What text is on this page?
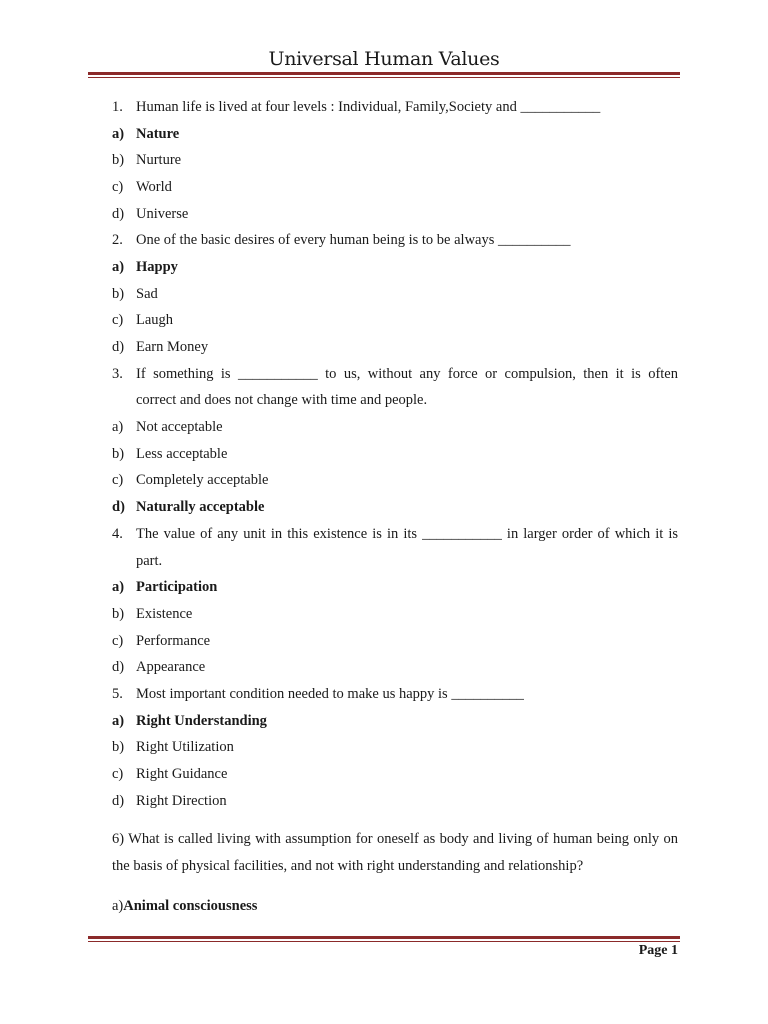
Universal Human Values
1. Human life is lived at four levels : Individual, Family,Society and ___________
a) Nature
b) Nurture
c) World
d) Universe
2. One of the basic desires of every human being is to be always __________
a) Happy
b) Sad
c) Laugh
d) Earn Money
3. If something is ___________ to us, without any force or compulsion, then it is often
correct and does not change with time and people.
a) Not acceptable
b) Less acceptable
c) Completely acceptable
d) Naturally acceptable
4. The value of any unit in this existence is in its ___________ in larger order of which it is
part.
a) Participation
b) Existence
c) Performance
d) Appearance
5. Most important condition needed to make us happy is __________
a) Right Understanding
b) Right Utilization
c) Right Guidance
d) Right Direction
6) What is called living with assumption for oneself as body and living of human being only on the basis of physical facilities, and not with right understanding and relationship?
a)Animal consciousness
Page 1
